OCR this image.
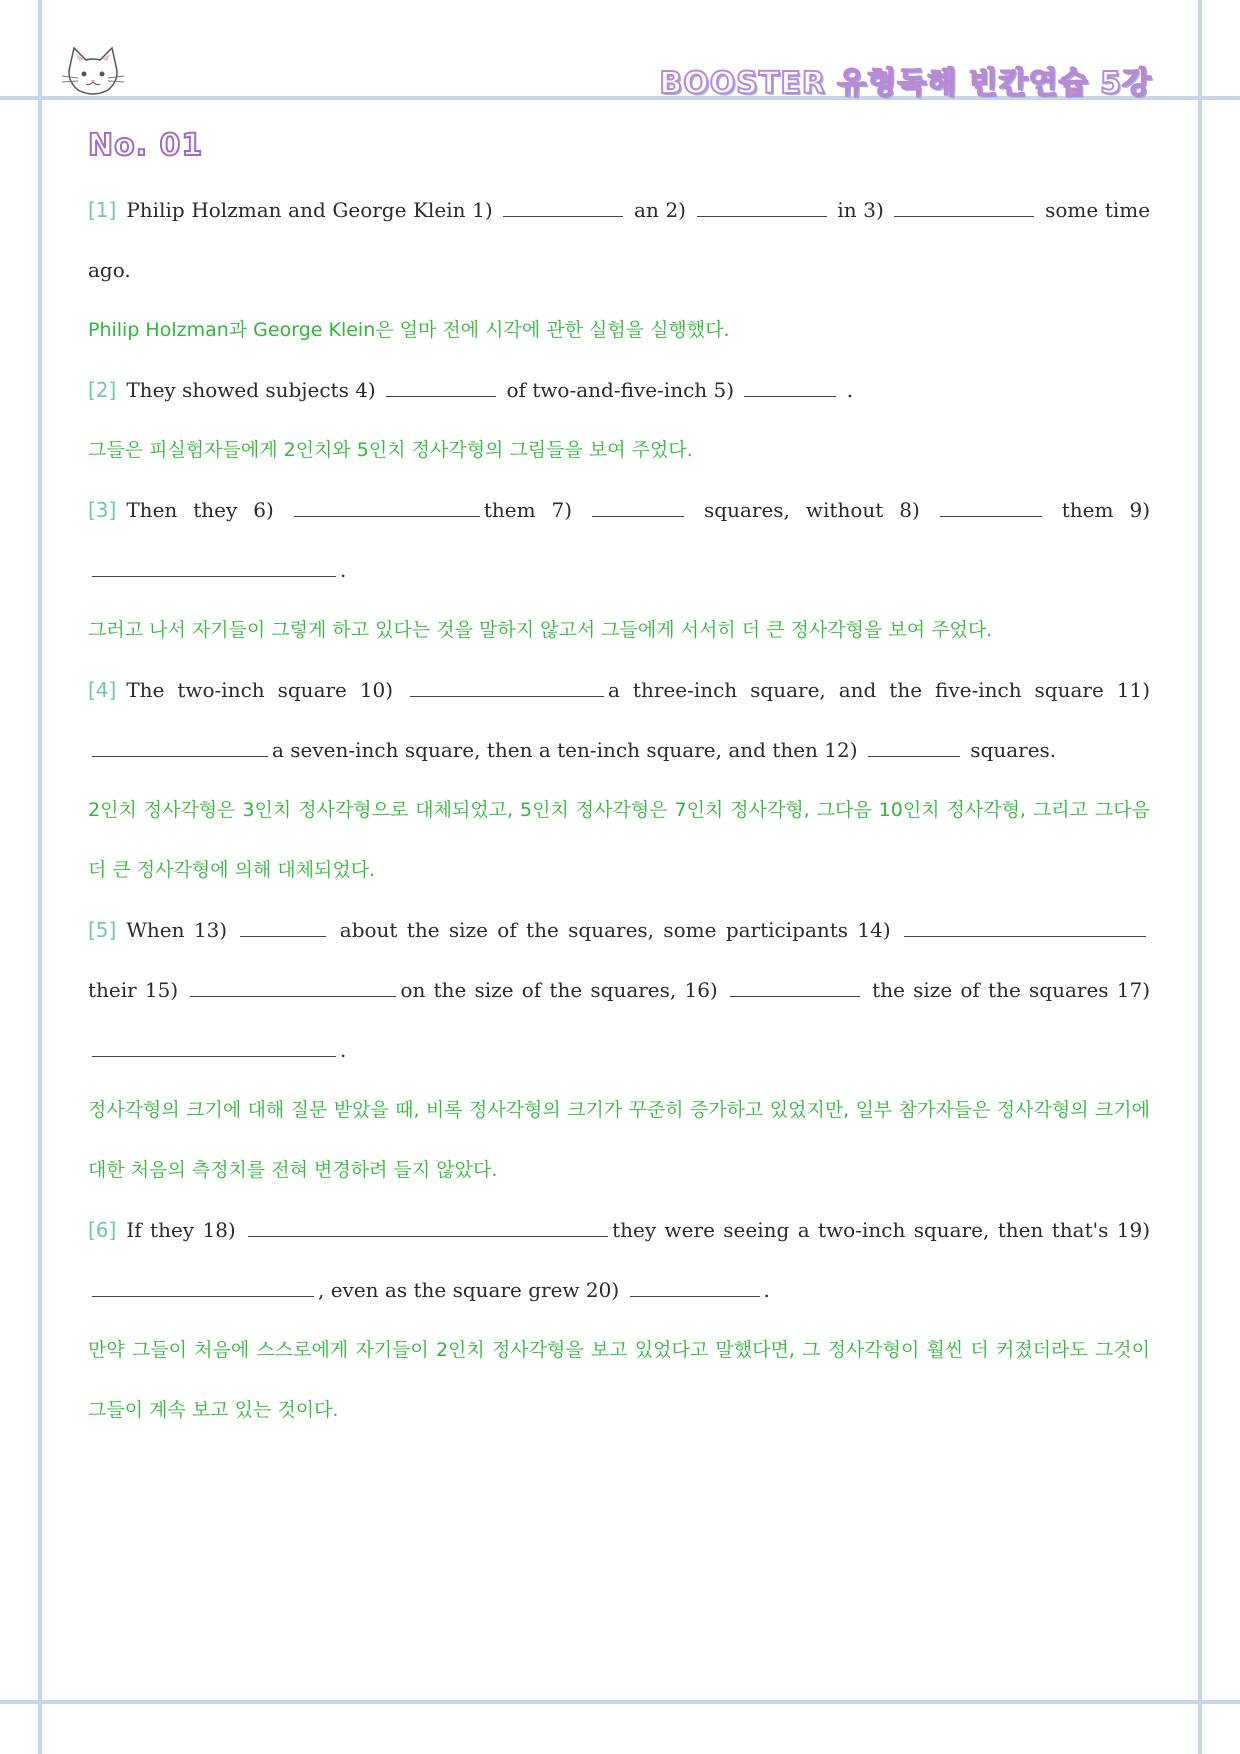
BOOSTER 유형독해 빈칸연습 5강
No. 01

[1] Philip Holzman and George Klein 1)	an 2)	in 3)	some time ago.

Philip Holzman과 George Klein은 얼마 전에 시각에 관한 실험을 실행했다.

[2] They showed subjects 4)	of two-and-five-inch 5)	.

그들은 피실험자들에게 2인치와 5인치 정사각형의 그림들을 보여 주었다.

[3] Then they 6)	them 7)	squares, without 8)	them 9) .

그러고 나서 자기들이 그렇게 하고 있다는 것을 말하지 않고서 그들에게 서서히 더 큰 정사각형을 보여 주었다.

[4] The two-inch square 10)	a three-inch square, and the five-inch square 11) a seven-inch square, then a ten-inch square, and then 12)	squares.

2인치 정사각형은 3인치 정사각형으로 대체되었고, 5인치 정사각형은 7인치 정사각형, 그다음 10인치 정사각형, 그리고 그다음 더 큰 정사각형에 의해 대체되었다.

[5] When 13)	about the size of the squares, some participants 14) their 15)	on the size of the squares, 16)	the size of the squares 17) .

정사각형의 크기에 대해 질문 받았을 때, 비록 정사각형의 크기가 꾸준히 증가하고 있었지만, 일부 참가자들은 정사각형의 크기에 대한 처음의 측정치를 전혀 변경하려 들지 않았다.

[6] If they 18)	they were seeing a two-inch square, then that's 19) , even as the square grew 20)	.

만약 그들이 처음에 스스로에게 자기들이 2인치 정사각형을 보고 있었다고 말했다면, 그 정사각형이 훨씬 더 커졌더라도 그것이 그들이 계속 보고 있는 것이다.
